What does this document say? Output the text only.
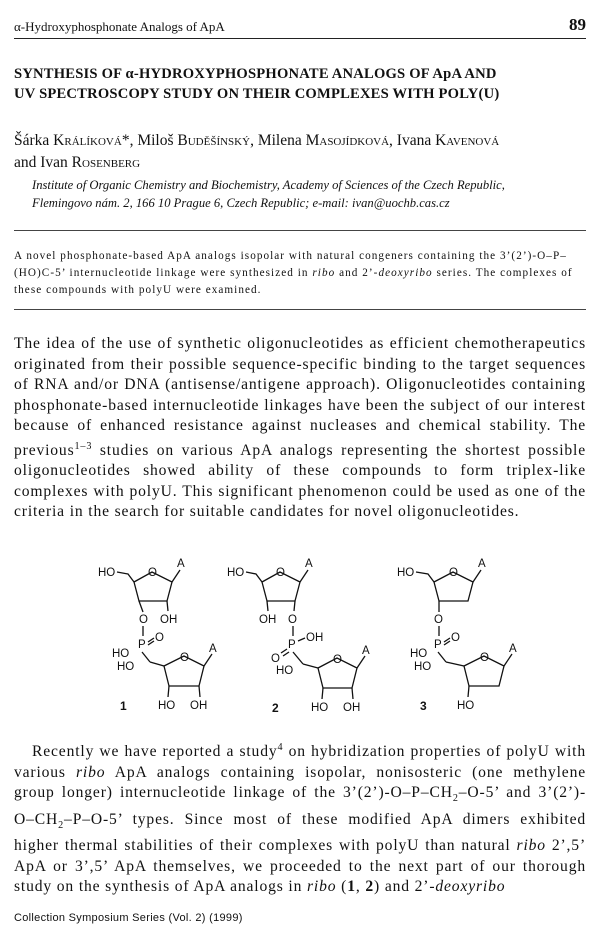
α-Hydroxyphosphonate Analogs of ApA	89
SYNTHESIS OF α-HYDROXYPHOSPHONATE ANALOGS OF ApA AND
UV SPECTROSCOPY STUDY ON THEIR COMPLEXES WITH POLY(U)
Šárka Králíková*, Miloš Buděšínský, Milena Masojídková, Ivana Kavenová
and Ivan Rosenberg
Institute of Organic Chemistry and Biochemistry, Academy of Sciences of the Czech Republic,
Flemingovo nám. 2, 166 10 Prague 6, Czech Republic; e-mail: ivan@uochb.cas.cz
A novel phosphonate-based ApA analogs isopolar with natural congeners containing the 3’(2’)-O–P–(HO)C-5’ internucleotide linkage were synthesized in ribo and 2’-deoxyribo series. The complexes of these compounds with polyU were examined.
The idea of the use of synthetic oligonucleotides as efficient chemotherapeutics originated from their possible sequence-specific binding to the target sequences of RNA and/or DNA (antisense/antigene approach). Oligonucleotides containing phosphonate-based internucleotide linkages have been the subject of our interest because of enhanced resistance against nucleases and chemical stability. The previous$^{1-3}$ studies on various ApA analogs representing the shortest possible oligonucleotides showed ability of these compounds to form triplex-like complexes with polyU. This significant phenomenon could be used as one of the criteria in the search for suitable candidates for novel oligonucleotides.
HO	O
A
O OH
P
O
HO
HO
O
A
HO OH
1
HO	O
A
OH O
P
OH
O
HO
O
A
HO OH
2
HO	O
A
O
P
O
HO
HO
O
A
HO
3
Recently we have reported a study$^4$ on hybridization properties of polyU with various ribo ApA analogs containing isopolar, nonisosteric (one methylene group longer) internucleotide linkage of the $3’(2’)-O-P-CH_2-O-5$’ and $3’(2’)-O-CH_2-P-O-5$’ types. Since most of these modified ApA dimers exhibited higher thermal stabilities of their complexes with polyU than natural ribo 2’,5’ ApA or 3’,5’ ApA themselves, we proceeded to the next part of our thorough study on the synthesis of ApA analogs in ribo (1, 2) and 2’-deoxyribo
Collection Symposium Series (Vol. 2) (1999)
